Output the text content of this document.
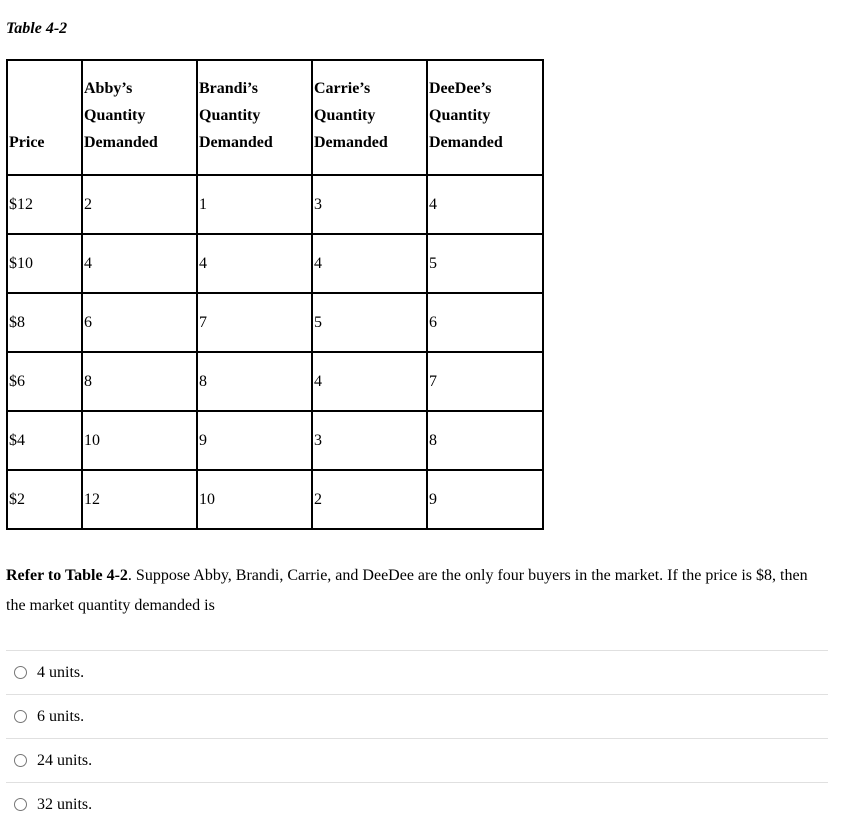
Table 4-2
Price	Abby’s Quantity Demanded	Brandi’s Quantity Demanded	Carrie’s Quantity Demanded	DeeDee’s Quantity Demanded
$12	2	1	3	4
$10	4	4	4	5
$8	6	7	5	6
$6	8	8	4	7
$4	10	9	3	8
$2	12	10	2	9
Refer to Table 4-2. Suppose Abby, Brandi, Carrie, and DeeDee are the only four buyers in the market. If the price is $8, then the market quantity demanded is
4 units.
6 units.
24 units.
32 units.
